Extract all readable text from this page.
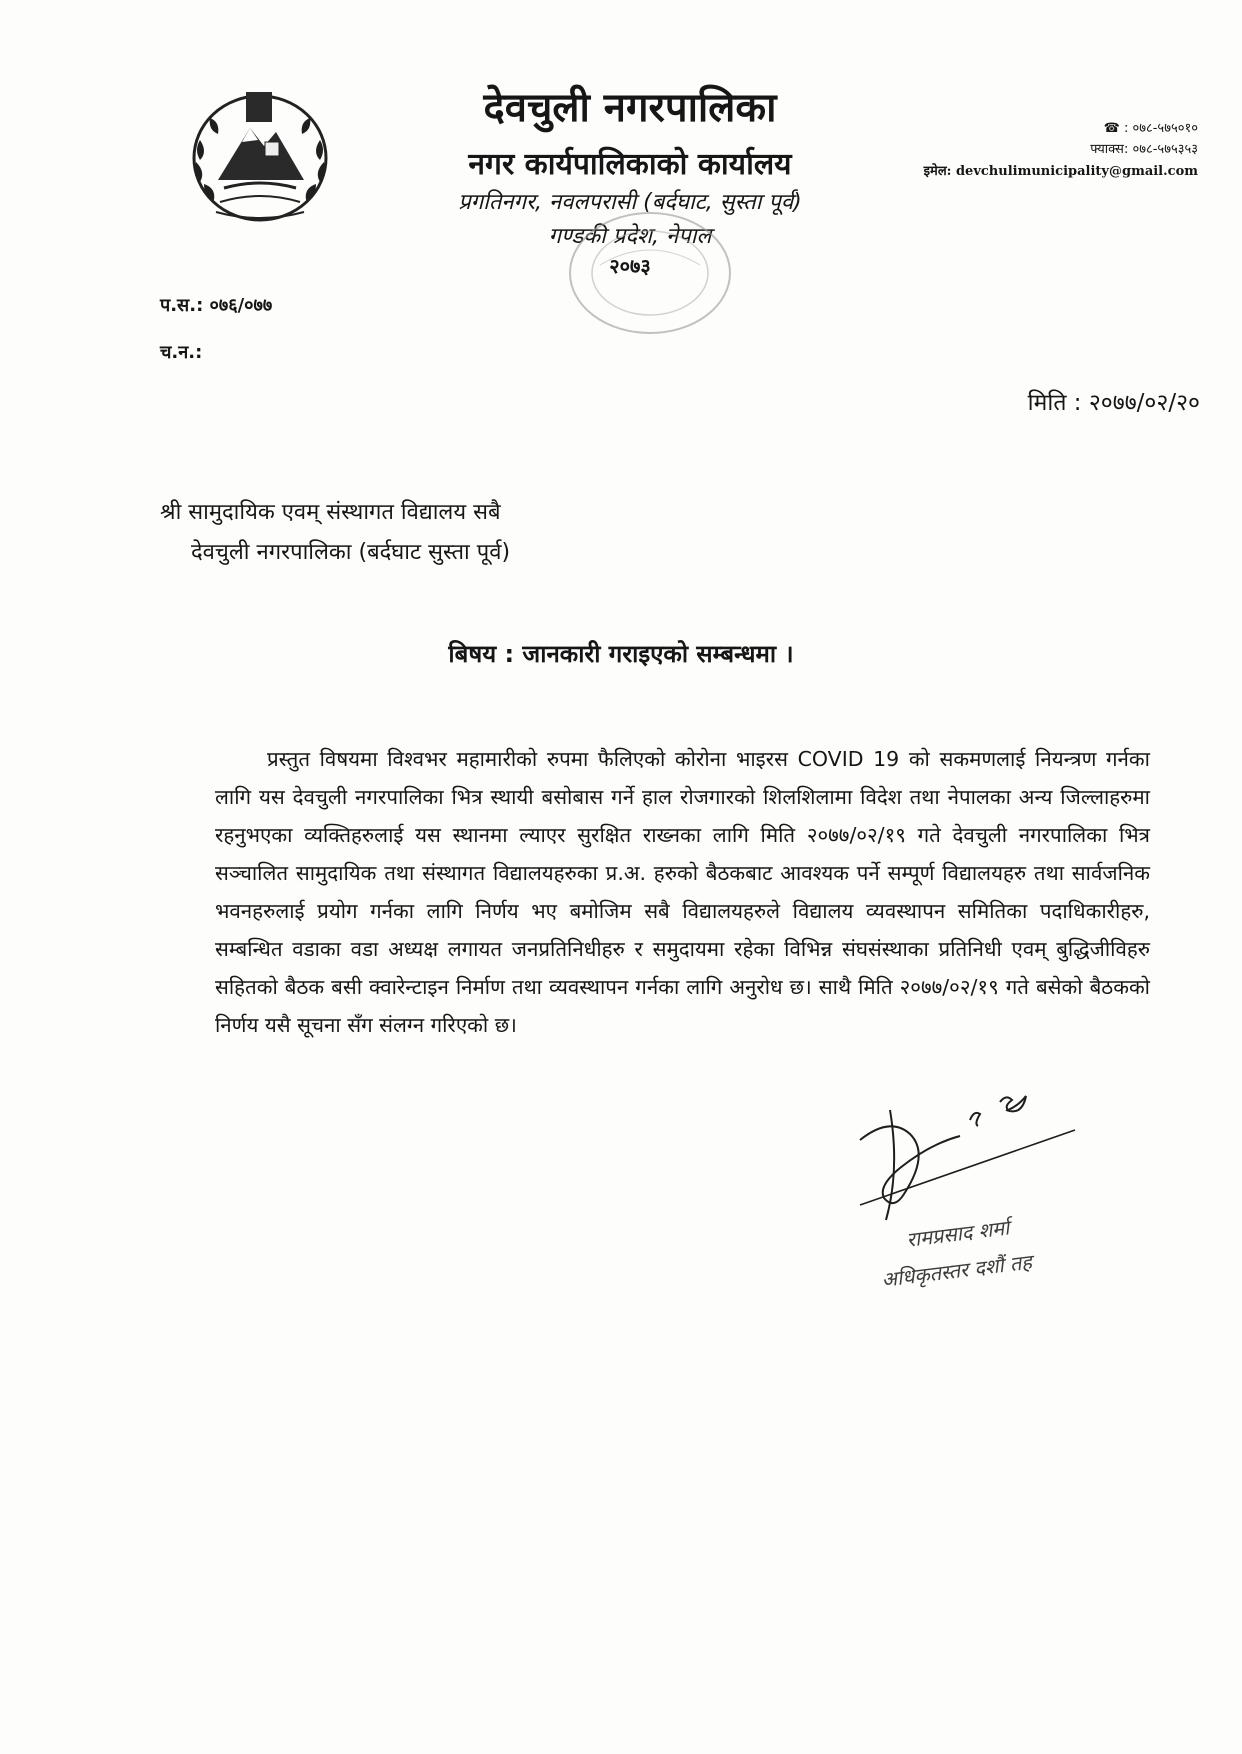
देवचुली नगरपालिका
नगर कार्यपालिकाको कार्यालय
प्रगतिनगर, नवलपरासी (बर्दघाट, सुस्ता पूर्व)
गण्डकी प्रदेश, नेपाल
२०७३
☎ : ०७८-५७५०१०
फ्याक्स: ०७८-५७५३५३
इमेल: devchulimunicipality@gmail.com
प.स.: ०७६/०७७
च.न.:
मिति : २०७७/०२/२०
श्री सामुदायिक एवम् संस्थागत विद्यालय सबै
देवचुली नगरपालिका (बर्दघाट सुस्ता पूर्व)
बिषय : जानकारी गराइएको सम्बन्धमा ।
प्रस्तुत विषयमा विश्वभर महामारीको रुपमा फैलिएको कोरोना भाइरस COVID 19 को सकमणलाई नियन्त्रण गर्नका लागि यस देवचुली नगरपालिका भित्र स्थायी बसोबास गर्ने हाल रोजगारको शिलशिलामा विदेश तथा नेपालका अन्य जिल्लाहरुमा रहनुभएका व्यक्तिहरुलाई यस स्थानमा ल्याएर सुरक्षित राख्नका लागि मिति २०७७/०२/१९ गते देवचुली नगरपालिका भित्र सञ्चालित सामुदायिक तथा संस्थागत विद्यालयहरुका प्र.अ. हरुको बैठकबाट आवश्यक पर्ने सम्पूर्ण विद्यालयहरु तथा सार्वजनिक भवनहरुलाई प्रयोग गर्नका लागि निर्णय भए बमोजिम सबै विद्यालयहरुले विद्यालय व्यवस्थापन समितिका पदाधिकारीहरु, सम्बन्धित वडाका वडा अध्यक्ष लगायत जनप्रतिनिधीहरु र समुदायमा रहेका विभिन्न संघसंस्थाका प्रतिनिधी एवम् बुद्धिजीविहरु सहितको बैठक बसी क्वारेन्टाइन निर्माण तथा व्यवस्थापन गर्नका लागि अनुरोध छ। साथै मिति २०७७/०२/१९ गते बसेको बैठकको निर्णय यसै सूचना सँग संलग्न गरिएको छ।
रामप्रसाद शर्मा
अधिकृतस्तर दशौं तह
